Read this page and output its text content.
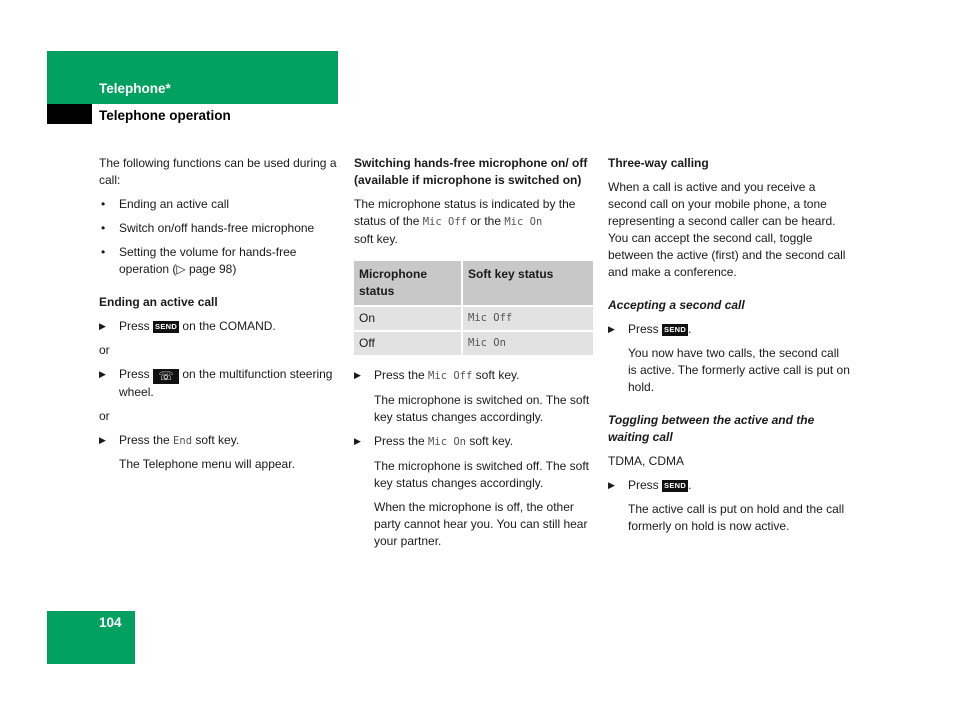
Telephone*
Telephone operation

The following functions can be used during a call:

• Ending an active call

• Switch on/off hands-free microphone

• Setting the volume for hands-free operation (▷ page 98)

Ending an active call

▶ Press SEND on the COMAND.

or

▶ Press ☏ on the multifunction steering wheel.

or

▶ Press the End soft key.

The Telephone menu will appear.

Switching hands-free microphone on/ off (available if microphone is switched on)

The microphone status is indicated by the status of the Mic Off or the Mic On
soft key.

Microphone status	Soft key status
On	Mic Off
Off	Mic On

▶ Press the Mic Off soft key.

The microphone is switched on. The soft key status changes accordingly.

▶ Press the Mic On soft key.

The microphone is switched off. The soft key status changes accordingly.

When the microphone is off, the other party cannot hear you. You can still hear your partner.

Three-way calling

When a call is active and you receive a second call on your mobile phone, a tone representing a second caller can be heard. You can accept the second call, toggle between the active (first) and the second call and make a conference.

Accepting a second call

▶ Press SEND .

You now have two calls, the second call is active. The formerly active call is put on hold.

Toggling between the active and the waiting call

TDMA, CDMA

▶ Press SEND .

The active call is put on hold and the call formerly on hold is now active.

104
